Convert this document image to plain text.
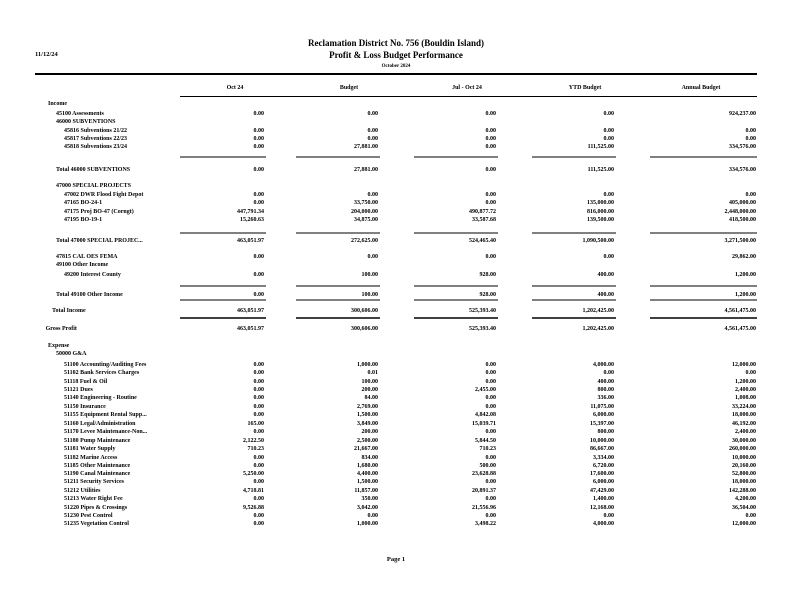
Reclamation District No. 756 (Bouldin Island)
Profit & Loss Budget Performance
October 2024
11/12/24
Oct 24	Budget	Jul - Oct 24	YTD Budget	Annual Budget
Income
45100 Assessments	0.00	0.00	0.00	0.00	924,237.00
46000 SUBVENTIONS
45816 Subventions 21/22	0.00	0.00	0.00	0.00	0.00
45817 Subventions 22/23	0.00	0.00	0.00	0.00	0.00
45818 Subventions 23/24	0.00	27,881.00	0.00	111,525.00	334,576.00
Total 46000 SUBVENTIONS	0.00	27,881.00	0.00	111,525.00	334,576.00
47000 SPECIAL PROJECTS
47002 DWR Flood Fight Depot	0.00	0.00	0.00	0.00	0.00
47165 BO-24-1	0.00	33,750.00	0.00	135,000.00	405,000.00
47175 Proj BO-47 (Corngt)	447,791.34	204,000.00	490,877.72	816,000.00	2,448,000.00
47195 BO-19-1	15,260.63	34,875.00	33,587.68	139,500.00	418,500.00
Total 47000 SPECIAL PROJEC...	463,051.97	272,625.00	524,465.40	1,090,500.00	3,271,500.00
47815 CAL OES FEMA	0.00	0.00	0.00	0.00	29,862.00
49100 Other Income
49200 Interest County	0.00	100.00	928.00	400.00	1,200.00
Total 49100 Other Income	0.00	100.00	928.00	400.00	1,200.00
Total Income	463,051.97	300,606.00	525,393.40	1,202,425.00	4,561,475.00
Gross Profit	463,051.97	300,606.00	525,393.40	1,202,425.00	4,561,475.00
Expense
50000 G&A
51100 Accounting/Auditing Fees	0.00	1,000.00	0.00	4,000.00	12,000.00
51102 Bank Services Charges	0.00	0.01	0.00	0.00	0.00
51118 Fuel & Oil	0.00	100.00	0.00	400.00	1,200.00
51121 Dues	0.00	200.00	2,455.00	800.00	2,400.00
51140 Engineering - Routine	0.00	84.00	0.00	336.00	1,008.00
51150 Insurance	0.00	2,769.00	0.00	11,075.00	33,224.00
51155 Equipment Rental Supp...	0.00	1,500.00	4,842.08	6,000.00	18,000.00
51160 Legal/Administration	165.00	3,849.00	15,039.71	15,397.00	46,192.00
51170 Levee Maintenance-Non...	0.00	200.00	0.00	800.00	2,400.00
51180 Pump Maintenance	2,122.50	2,500.00	5,844.50	10,000.00	30,000.00
51181 Water Supply	710.23	21,667.00	710.23	86,667.00	260,000.00
51182 Marine Access	0.00	834.00	0.00	3,334.00	10,000.00
51185 Other Maintenance	0.00	1,680.00	500.00	6,720.00	20,160.00
51190 Canal Maintenance	5,250.00	4,400.00	23,628.88	17,600.00	52,800.00
51211 Security Services	0.00	1,500.00	0.00	6,000.00	18,000.00
51212 Utilities	4,718.81	11,857.00	20,891.37	47,429.00	142,288.00
51213 Water Right Fee	0.00	350.00	0.00	1,400.00	4,200.00
51220 Pipes & Crossings	9,526.88	3,042.00	21,556.96	12,168.00	36,504.00
51230 Pest Control	0.00	0.00	0.00	0.00	0.00
51235 Vegetation Control	0.00	1,000.00	3,498.22	4,000.00	12,000.00
Page 1
